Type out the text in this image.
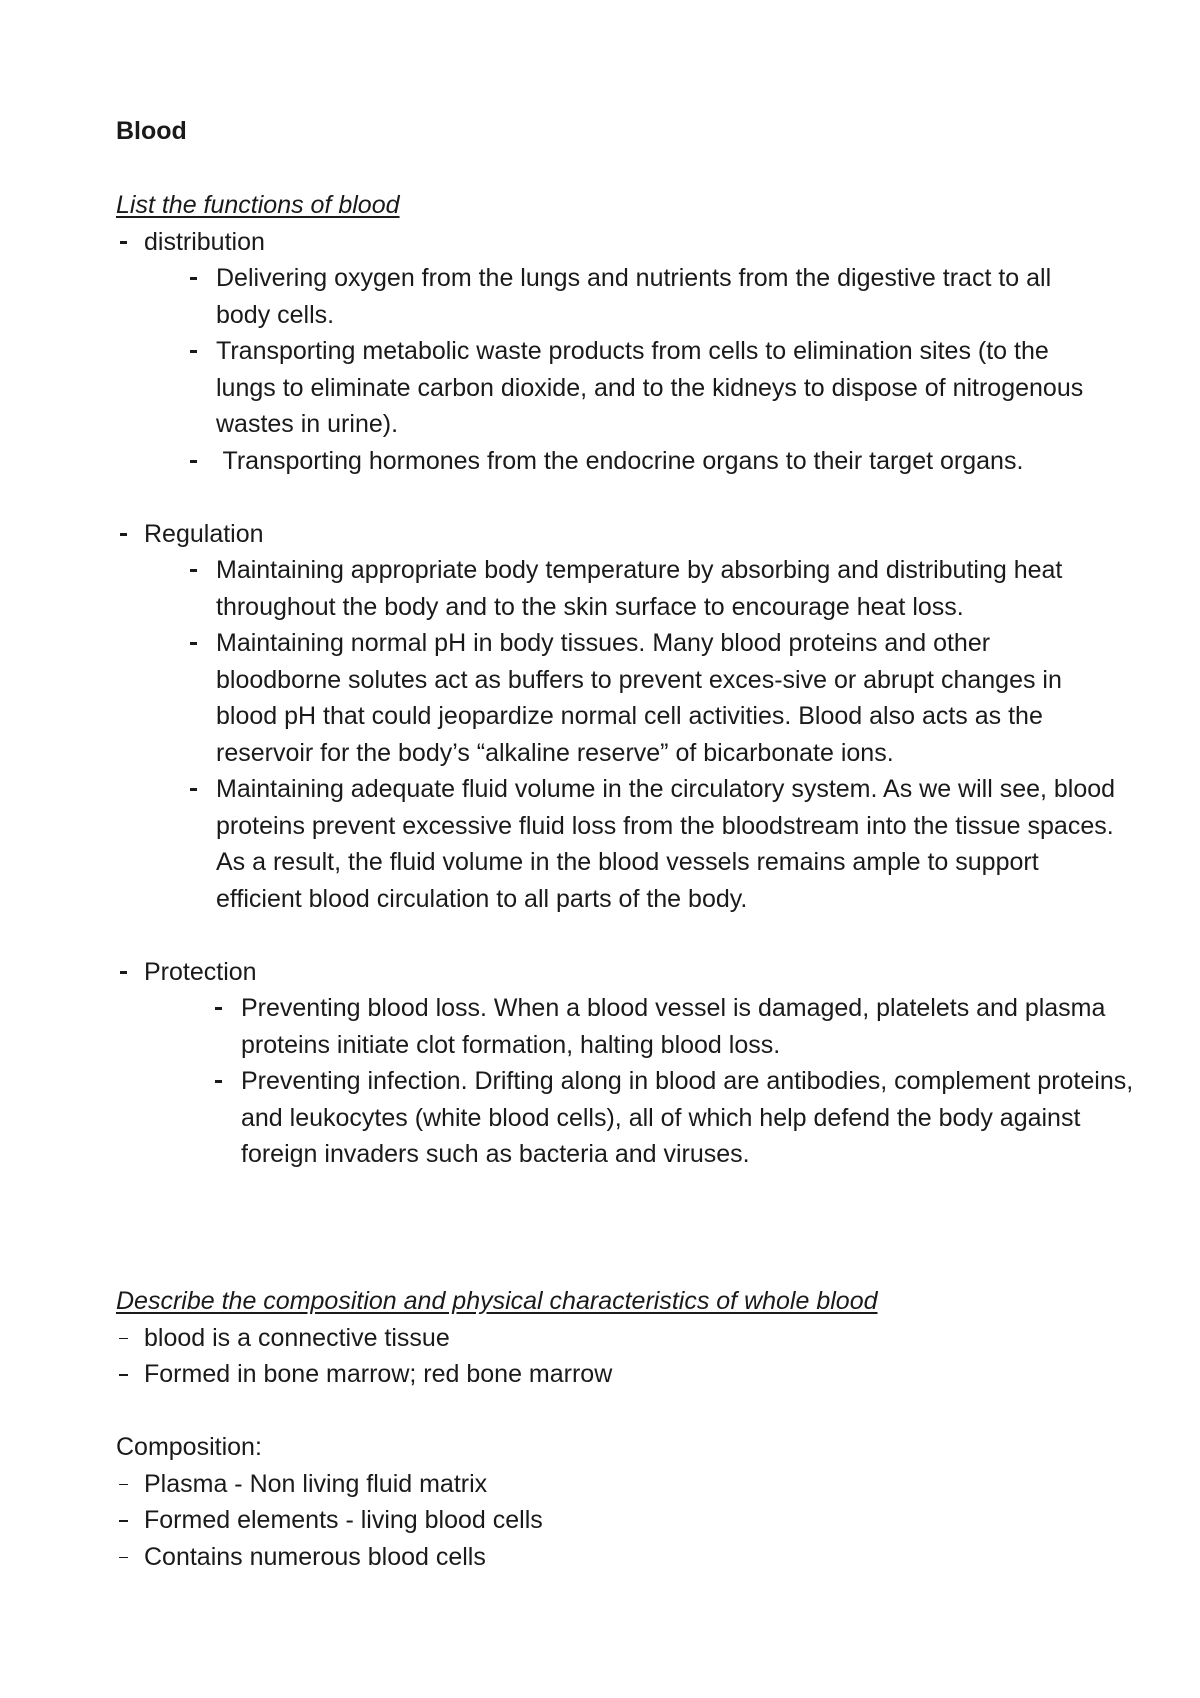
Blood

List the functions of blood

distribution

Delivering oxygen from the lungs and nutrients from the digestive tract to all body cells.

Transporting metabolic waste products from cells to elimination sites (to the lungs to eliminate carbon dioxide, and to the kidneys to dispose of nitrogenous wastes in urine).

Transporting hormones from the endocrine organs to their target organs.

Regulation

Maintaining appropriate body temperature by absorbing and distributing heat throughout the body and to the skin surface to encourage heat loss.

Maintaining normal pH in body tissues. Many blood proteins and other bloodborne solutes act as buffers to prevent exces-sive or abrupt changes in blood pH that could jeopardize normal cell activities. Blood also acts as the reservoir for the body’s “alkaline reserve” of bicarbonate ions.

Maintaining adequate fluid volume in the circulatory system. As we will see, blood proteins prevent excessive fluid loss from the bloodstream into the tissue spaces. As a result, the fluid volume in the blood vessels remains ample to support efficient blood circulation to all parts of the body.

Protection

Preventing blood loss. When a blood vessel is damaged, platelets and plasma proteins initiate clot formation, halting blood loss.

Preventing infection. Drifting along in blood are antibodies, complement proteins, and leukocytes (white blood cells), all of which help defend the body against foreign invaders such as bacteria and viruses.

Describe the composition and physical characteristics of whole blood

blood is a connective tissue

Formed in bone marrow; red bone marrow

Composition:

Plasma - Non living fluid matrix

Formed elements - living blood cells

Contains numerous blood cells
